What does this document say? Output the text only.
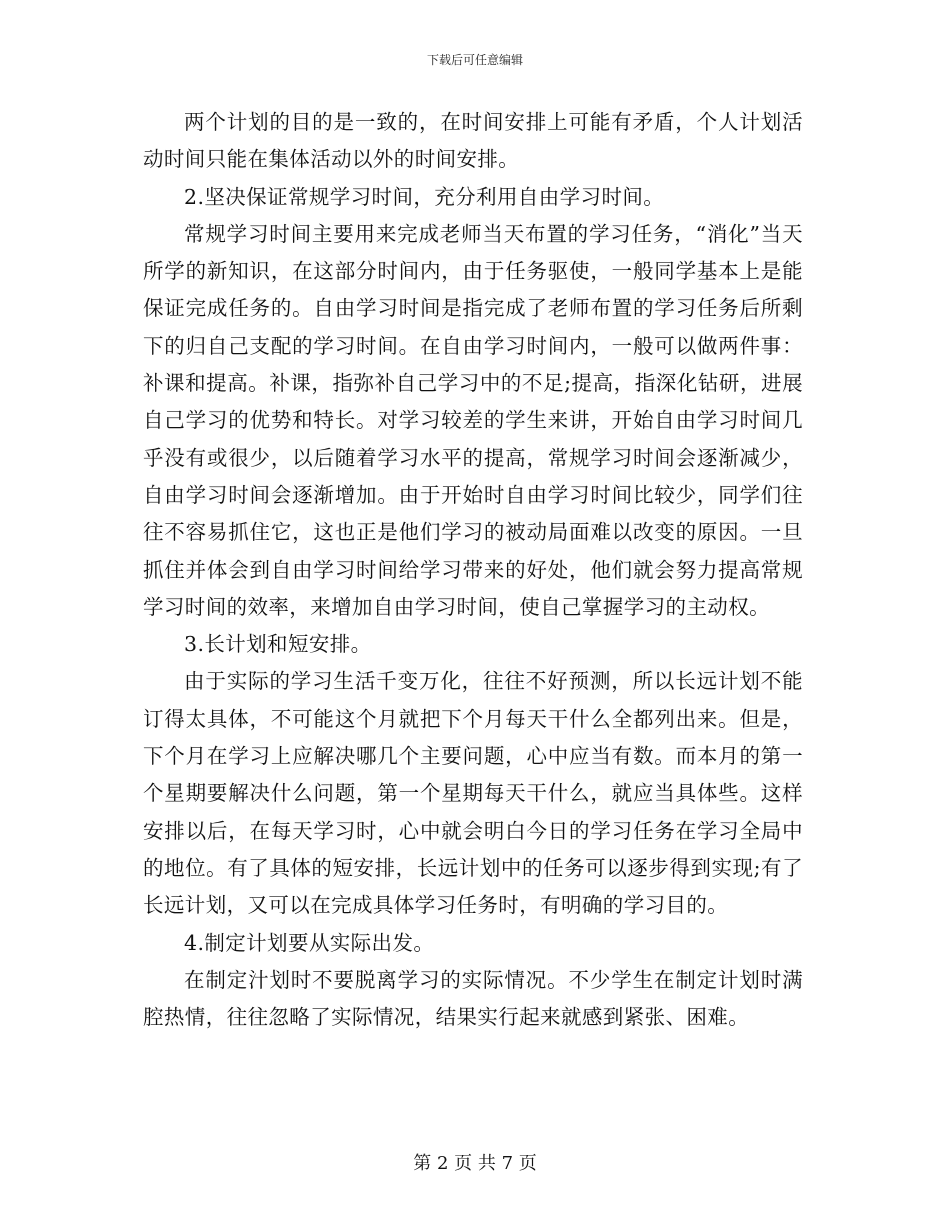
下载后可任意编辑

两个计划的目的是一致的，在时间安排上可能有矛盾，个人计划活动时间只能在集体活动以外的时间安排。

2.坚决保证常规学习时间，充分利用自由学习时间。

常规学习时间主要用来完成老师当天布置的学习任务，“消化”当天所学的新知识，在这部分时间内，由于任务驱使，一般同学基本上是能保证完成任务的。自由学习时间是指完成了老师布置的学习任务后所剩下的归自己支配的学习时间。在自由学习时间内，一般可以做两件事：补课和提高。补课，指弥补自己学习中的不足;提高，指深化钻研，进展自己学习的优势和特长。对学习较差的学生来讲，开始自由学习时间几乎没有或很少，以后随着学习水平的提高，常规学习时间会逐渐减少，自由学习时间会逐渐增加。由于开始时自由学习时间比较少，同学们往往不容易抓住它，这也正是他们学习的被动局面难以改变的原因。一旦抓住并体会到自由学习时间给学习带来的好处，他们就会努力提高常规学习时间的效率，来增加自由学习时间，使自己掌握学习的主动权。

3.长计划和短安排。

由于实际的学习生活千变万化，往往不好预测，所以长远计划不能订得太具体，不可能这个月就把下个月每天干什么全都列出来。但是，下个月在学习上应解决哪几个主要问题，心中应当有数。而本月的第一个星期要解决什么问题，第一个星期每天干什么，就应当具体些。这样安排以后，在每天学习时，心中就会明白今日的学习任务在学习全局中的地位。有了具体的短安排，长远计划中的任务可以逐步得到实现;有了长远计划，又可以在完成具体学习任务时，有明确的学习目的。

4.制定计划要从实际出发。

在制定汁划时不要脱离学习的实际情况。不少学生在制定计划时满腔热情，往往忽略了实际情况，结果实行起来就感到紧张、困难。

第 2 页 共 7 页
